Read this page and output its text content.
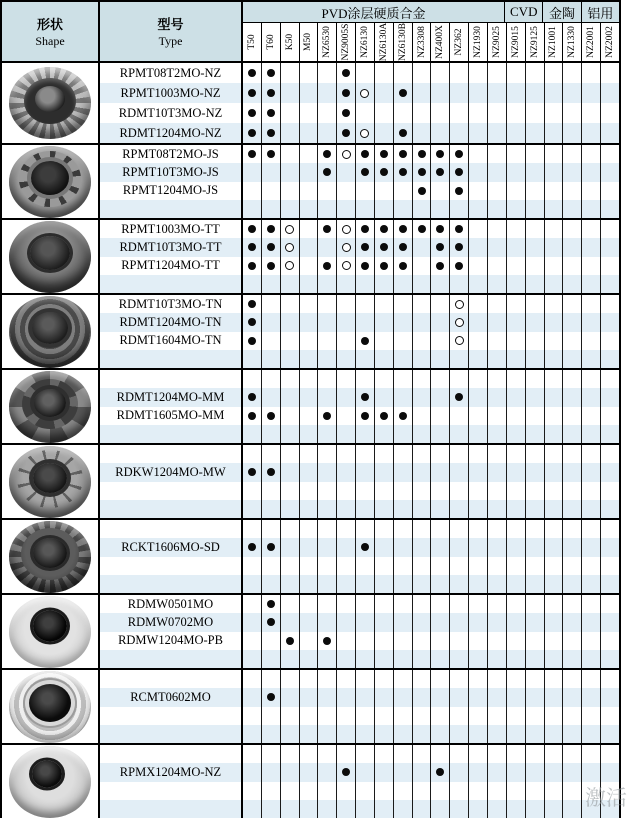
形状
Shape
型号
Type
PVD涂层硬质合金	CVD 金陶 铝用
T50 T60 K50 M50 NZ6530 NZ9005S NZ6130 NZ6130A NZ6130B NZ3308 NZ400X NZ362 NZ1930 NZ9025 NZ9015 NZ9125 NZ1001 NZ1330 NZ2001 NZ2002
RPMT08T2MO-NZ
RPMT1003MO-NZ
RDMT10T3MO-NZ
RDMT1204MO-NZ
RPMT08T2MO-JS
RPMT10T3MO-JS
RPMT1204MO-JS
RPMT1003MO-TT
RDMT10T3MO-TT
RPMT1204MO-TT
RDMT10T3MO-TN
RDMT1204MO-TN
RDMT1604MO-TN
RDMT1204MO-MM
RDMT1605MO-MM
RDKW1204MO-MW
RCKT1606MO-SD
RDMW0501MO
RDMW0702MO
RDMW1204MO-PB
RCMT0602MO
RPMX1204MO-NZ
激活
